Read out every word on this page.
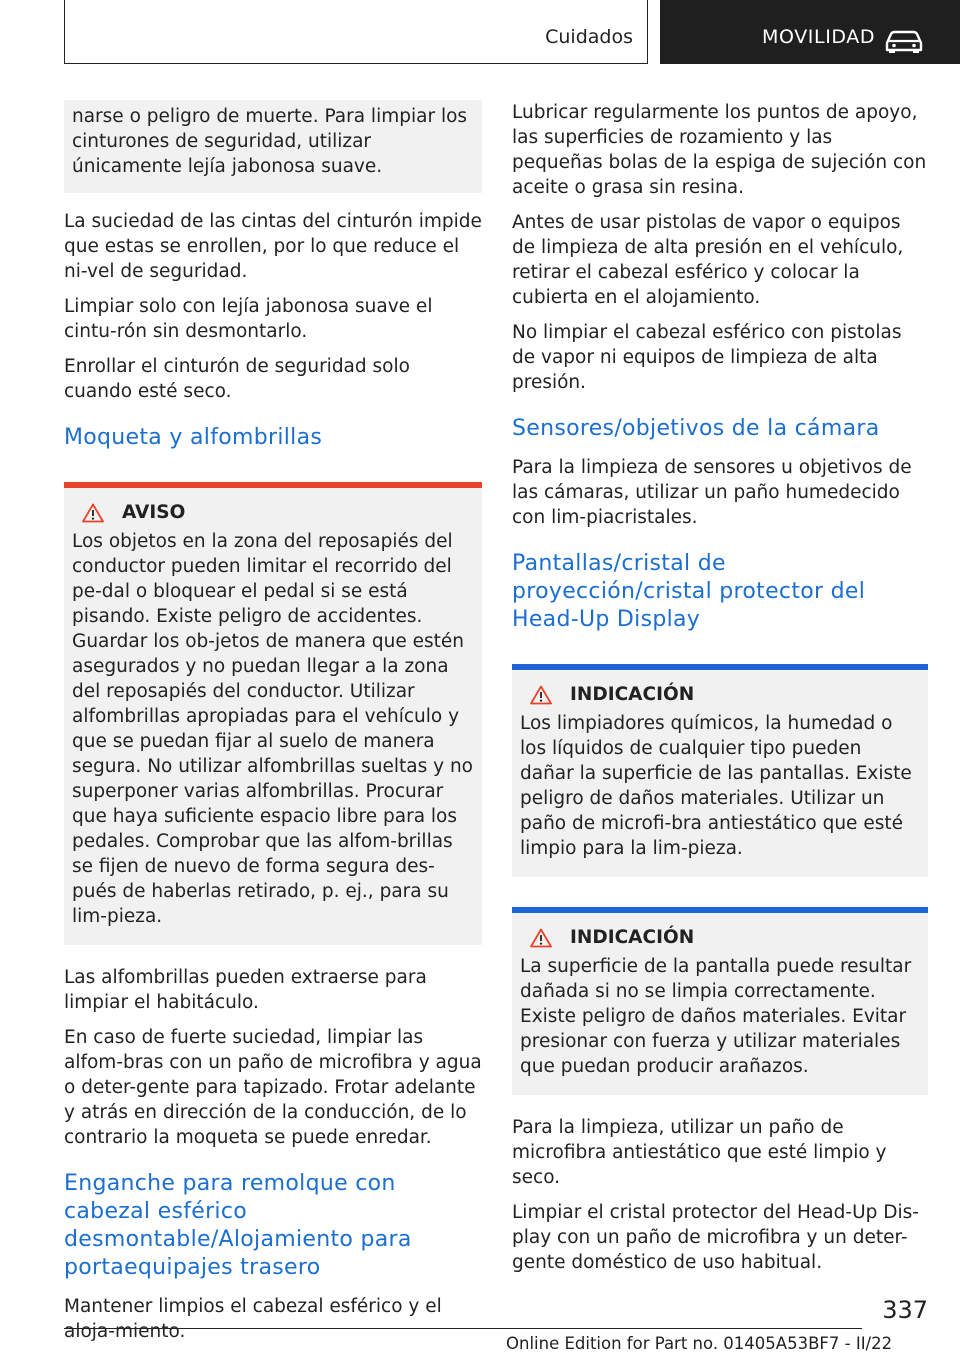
Cuidados	MOVILIDAD

narse o peligro de muerte. Para limpiar los cinturones de seguridad, utilizar únicamente lejía jabonosa suave.

La suciedad de las cintas del cinturón impide que estas se enrollen, por lo que reduce el ni-vel de seguridad.

Limpiar solo con lejía jabonosa suave el cintu-rón sin desmontarlo.

Enrollar el cinturón de seguridad solo cuando esté seco.

Moqueta y alfombrillas
AVISO

Los objetos en la zona del reposapiés del conductor pueden limitar el recorrido del pe-dal o bloquear el pedal si se está pisando. Existe peligro de accidentes. Guardar los ob-jetos de manera que estén asegurados y no puedan llegar a la zona del reposapiés del conductor. Utilizar alfombrillas apropiadas para el vehículo y que se puedan fijar al suelo de manera segura. No utilizar alfombrillas sueltas y no superponer varias alfombrillas. Procurar que haya suficiente espacio libre para los pedales. Comprobar que las alfom-brillas se fijen de nuevo de forma segura des-pués de haberlas retirado, p. ej., para su lim-pieza.

Las alfombrillas pueden extraerse para limpiar el habitáculo.

En caso de fuerte suciedad, limpiar las alfom-bras con un paño de microfibra y agua o deter-gente para tapizado. Frotar adelante y atrás en dirección de la conducción, de lo contrario la moqueta se puede enredar.

Enganche para remolque con cabezal esférico desmontable/Alojamiento para portaequipajes trasero

Mantener limpios el cabezal esférico y el aloja-miento.

Lubricar regularmente los puntos de apoyo, las superficies de rozamiento y las pequeñas bolas de la espiga de sujeción con aceite o grasa sin resina.

Antes de usar pistolas de vapor o equipos de limpieza de alta presión en el vehículo, retirar el cabezal esférico y colocar la cubierta en el alojamiento.

No limpiar el cabezal esférico con pistolas de vapor ni equipos de limpieza de alta presión.

Sensores/objetivos de la cámara

Para la limpieza de sensores u objetivos de las cámaras, utilizar un paño humedecido con lim-piacristales.

Pantallas/cristal de proyección/cristal protector del Head-Up Display
INDICACIÓN

Los limpiadores químicos, la humedad o los líquidos de cualquier tipo pueden dañar la superficie de las pantallas. Existe peligro de daños materiales. Utilizar un paño de microfi-bra antiestático que esté limpio para la lim-pieza.

INDICACIÓN

La superficie de la pantalla puede resultar dañada si no se limpia correctamente. Existe peligro de daños materiales. Evitar presionar con fuerza y utilizar materiales que puedan producir arañazos.

Para la limpieza, utilizar un paño de microfibra antiestático que esté limpio y seco.

Limpiar el cristal protector del Head-Up Dis-play con un paño de microfibra y un deter-gente doméstico de uso habitual.

337
Online Edition for Part no. 01405A53BF7 - II/22
